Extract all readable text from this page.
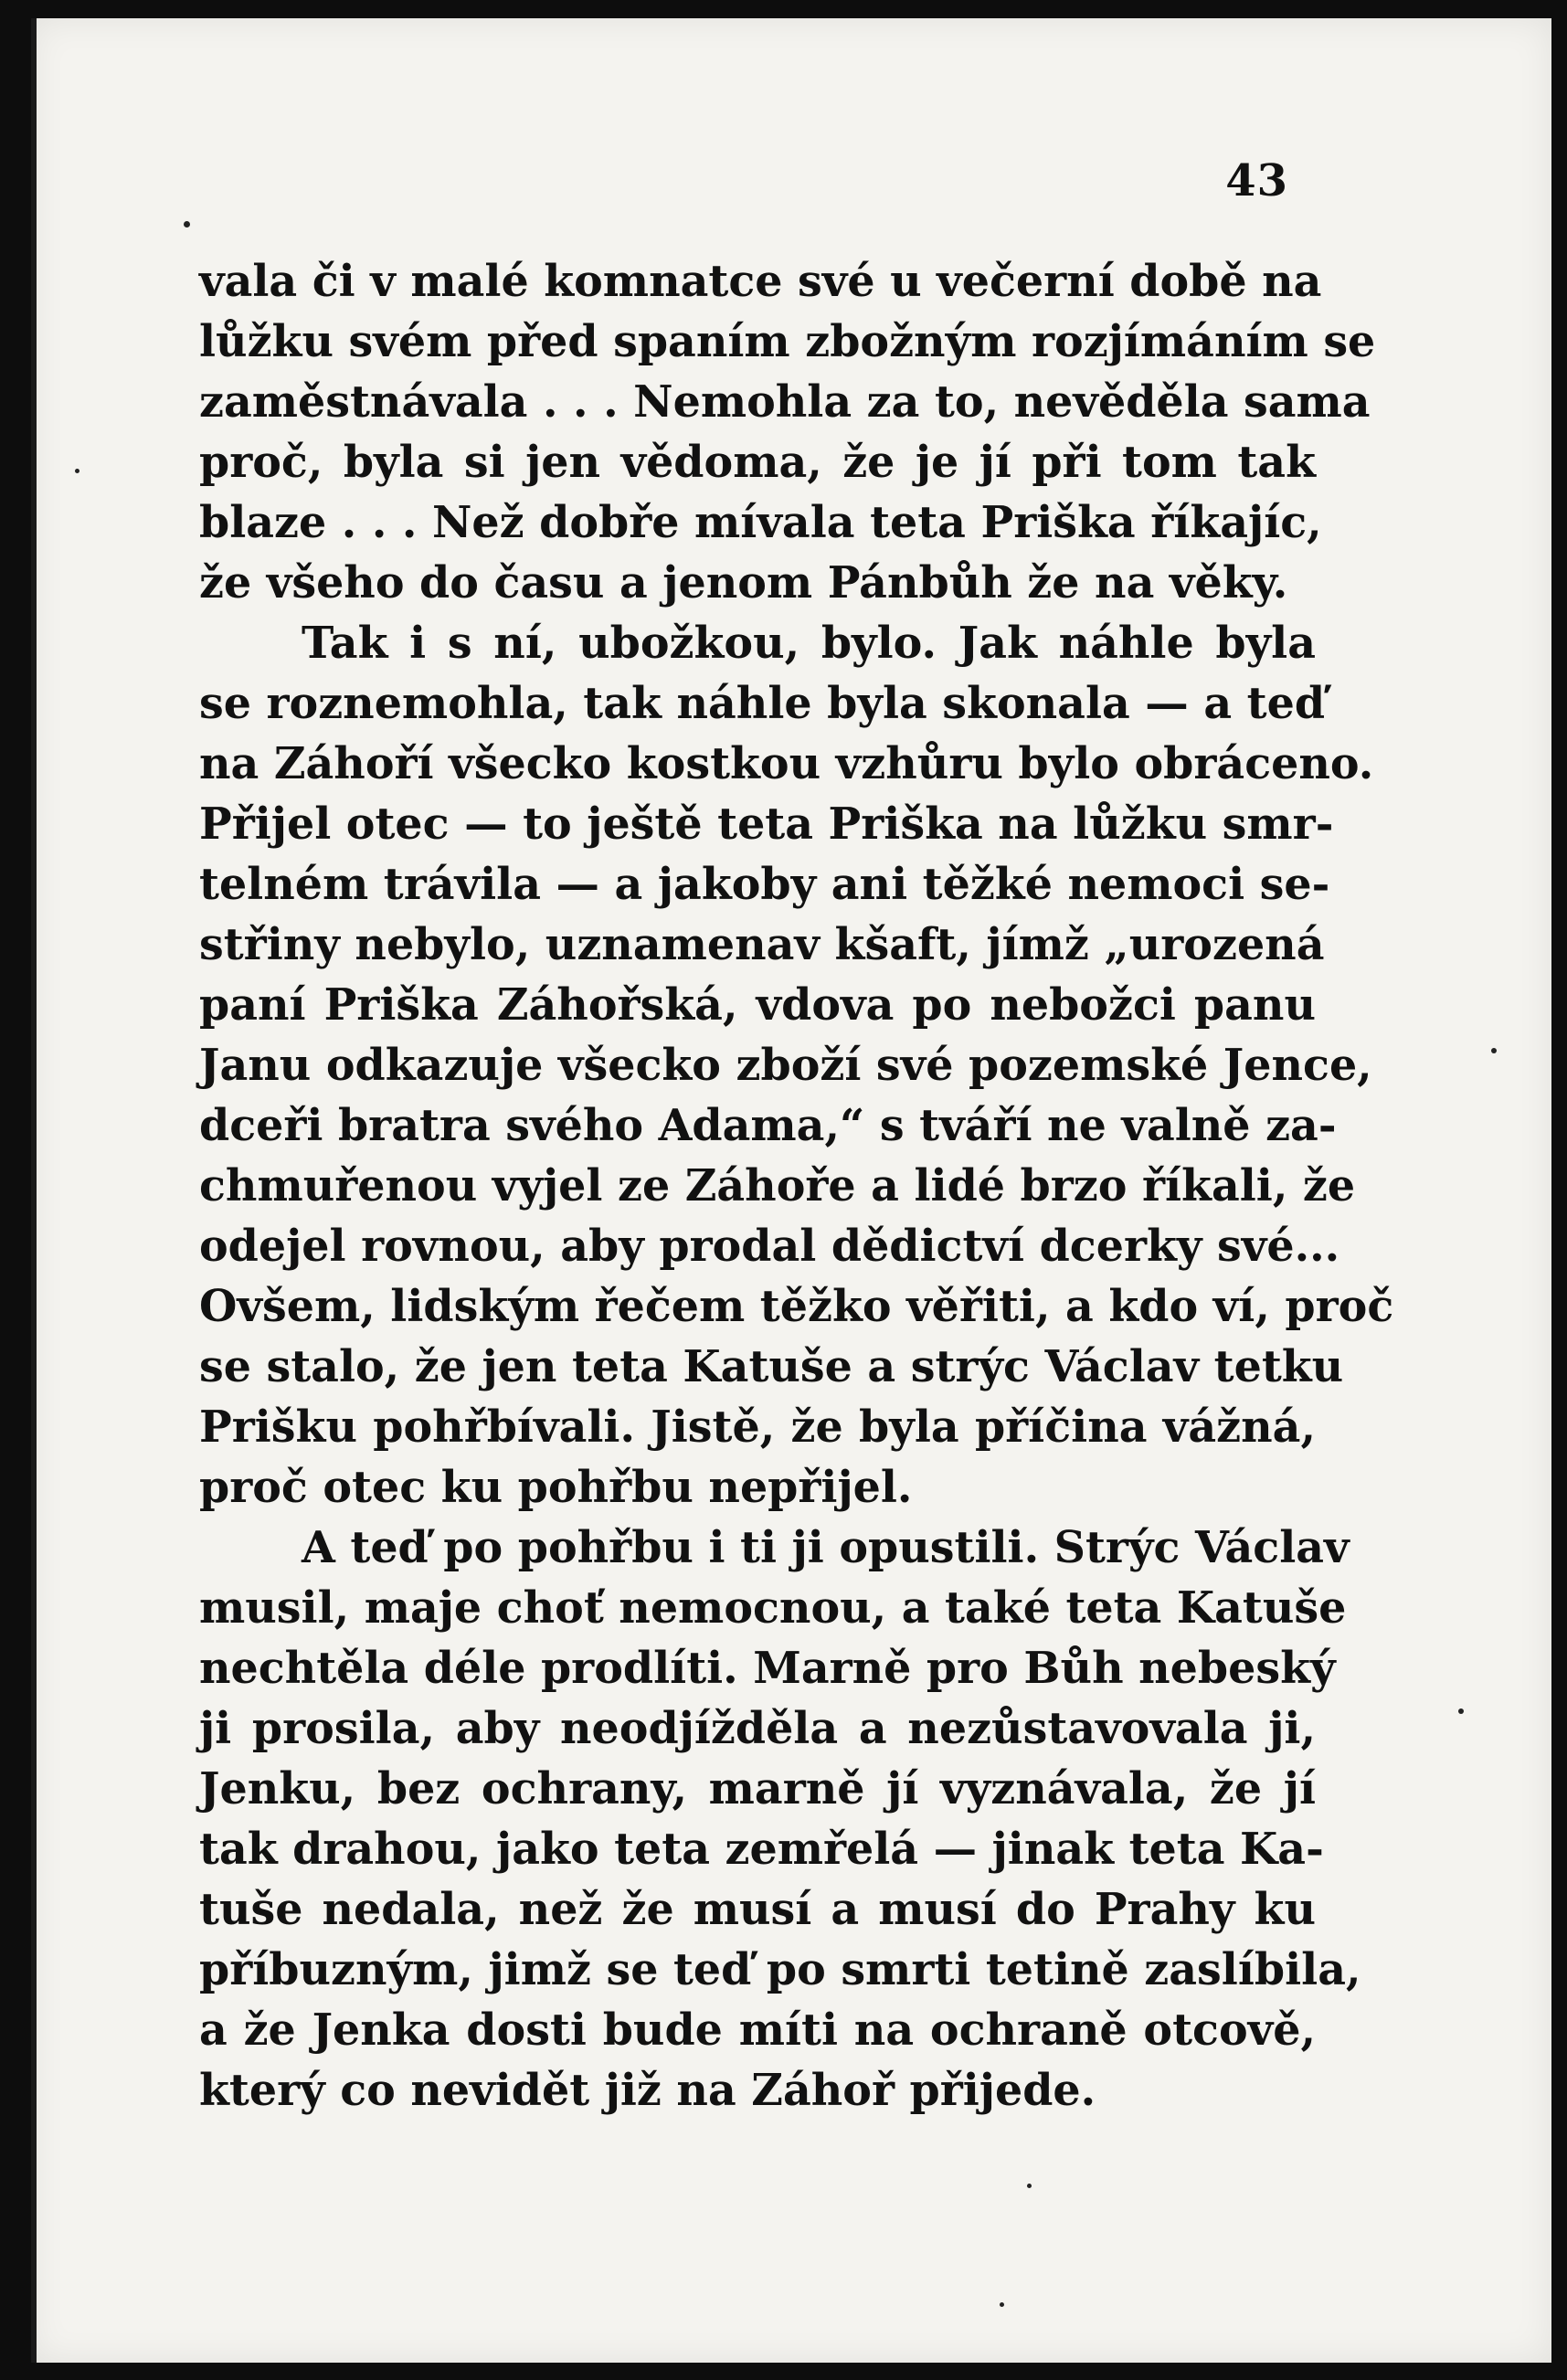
43
vala či v malé komnatce své u večerní době na
lůžku svém před spaním zbožným rozjímáním se
zaměstnávala . . . Nemohla za to, nevěděla sama
proč, byla si jen vědoma, že je jí při tom tak
blaze . . . Než dobře mívala teta Priška říkajíc,
že všeho do času a jenom Pánbůh že na věky.
Tak i s ní, ubožkou, bylo. Jak náhle byla
se roznemohla, tak náhle byla skonala — a teď
na Záhoří všecko kostkou vzhůru bylo obráceno.
Přijel otec — to ještě teta Priška na lůžku smr-
telném trávila — a jakoby ani těžké nemoci se-
střiny nebylo, uznamenav kšaft, jímž „urozená
paní Priška Záhořská, vdova po nebožci panu
Janu odkazuje všecko zboží své pozemské Jence,
dceři bratra svého Adama,“ s tváří ne valně za-
chmuřenou vyjel ze Záhoře a lidé brzo říkali, že
odejel rovnou, aby prodal dědictví dcerky své...
Ovšem, lidským řečem těžko věřiti, a kdo ví, proč
se stalo, že jen teta Katuše a strýc Václav tetku
Prišku pohřbívali. Jistě, že byla příčina vážná,
proč otec ku pohřbu nepřijel.
A teď po pohřbu i ti ji opustili. Strýc Václav
musil, maje choť nemocnou, a také teta Katuše
nechtěla déle prodlíti. Marně pro Bůh nebeský
ji prosila, aby neodjížděla a nezůstavovala ji,
Jenku, bez ochrany, marně jí vyznávala, že jí
tak drahou, jako teta zemřelá — jinak teta Ka-
tuše nedala, než že musí a musí do Prahy ku
příbuzným, jimž se teď po smrti tetině zaslíbila,
a že Jenka dosti bude míti na ochraně otcově,
který co nevidět již na Záhoř přijede.
